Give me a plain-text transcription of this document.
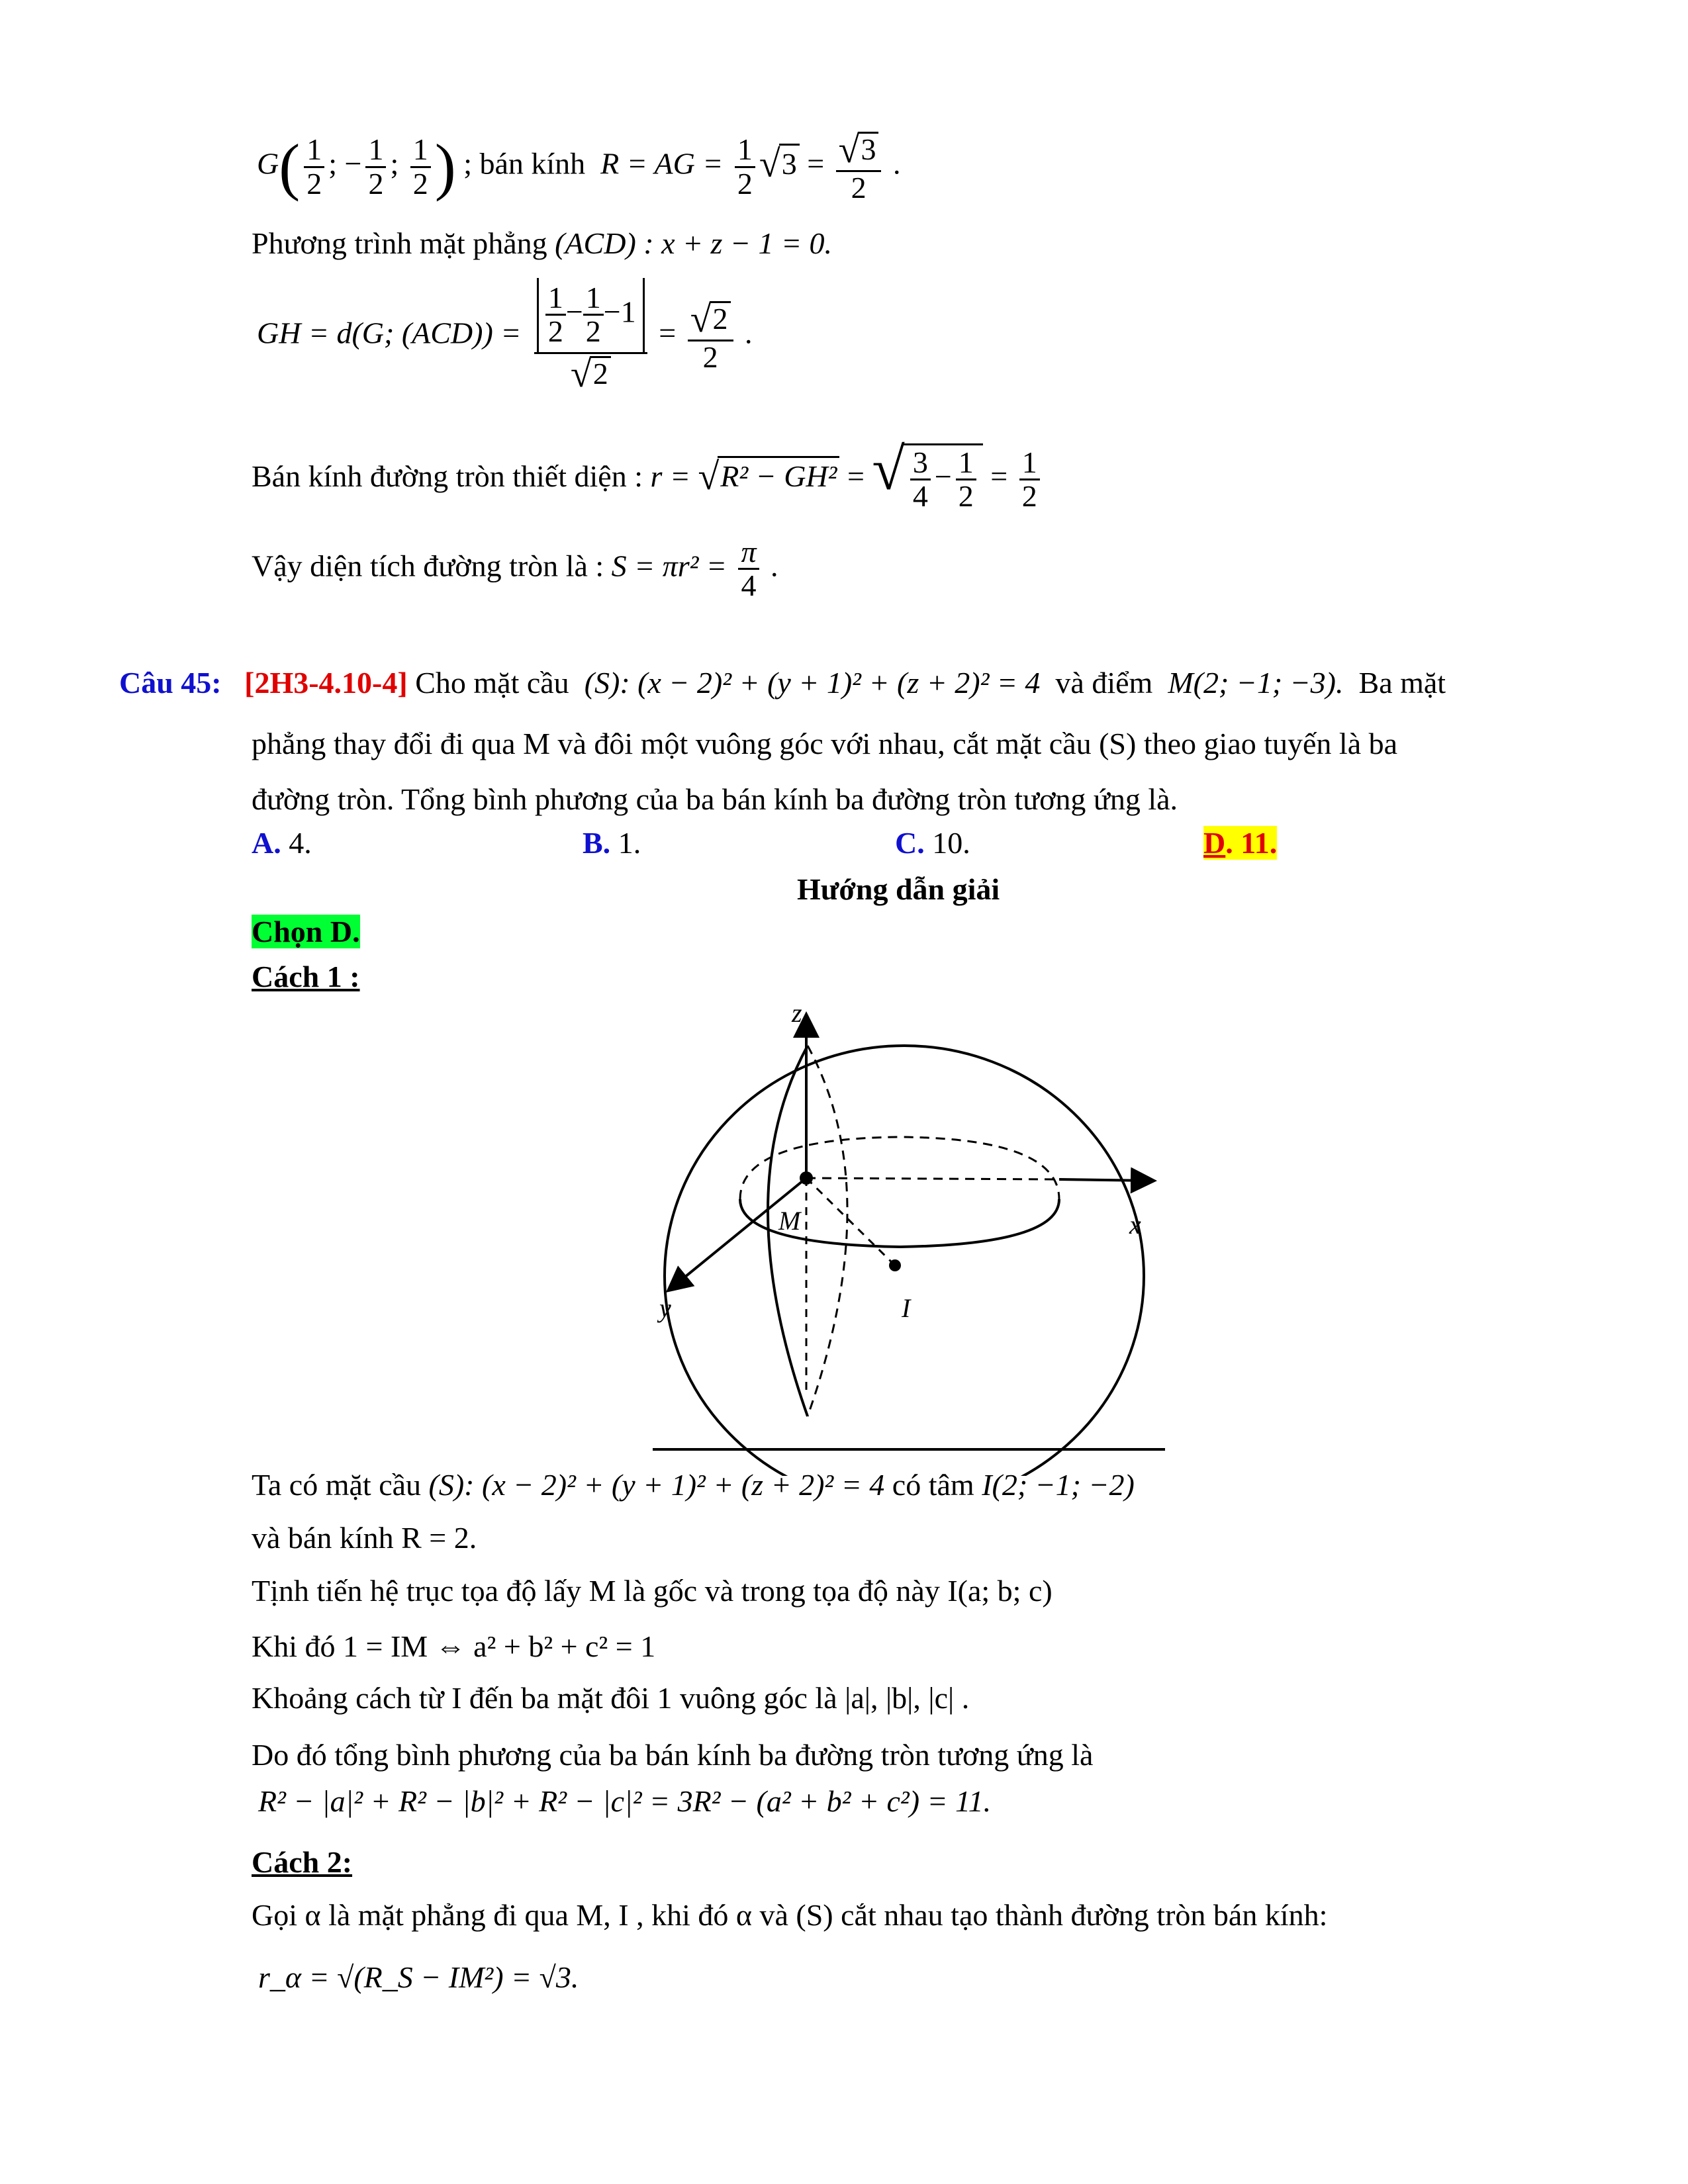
$G( \frac{1}{2}$ ; − $\frac{1}{2}$ ; $\frac{1}{2}$ ) ; bán kính R = AG = $\frac{1}{2} √3 = \frac{√3}{2}$ .
Phương trình mặt phẳng (ACD) : x + z − 1 = 0.
GH = d(G; $(ACD)) = \frac{\frac{1}{2} - \frac{1}{2} -1}{√2} = \frac{√2}{2}$ .
Bán kính đường tròn thiết diện : r = √R² − GH² = √ $\frac{3}{4} - \frac{1}{2} = \frac{1}{2}$
Vậy diện tích đường tròn là : $S = \pi r^2 = \frac{\pi}{4}$ .
Câu 45: [2H3-4.10-4] Cho mặt cầu (S): (x − 2)² + (y + 1)² + (z + 2)² = 4 và điểm M(2; −1; −3). Ba mặt
phẳng thay đổi đi qua M và đôi một vuông góc với nhau, cắt mặt cầu (S) theo giao tuyến là ba
đường tròn. Tổng bình phương của ba bán kính ba đường tròn tương ứng là.
A. 4.	B. 1.	C. 10.	D. 11.
Hướng dẫn giải
Chọn D.
Cách 1 :
z
x
y
M
I
Ta có mặt cầu (S): (x − 2)² + (y + 1)² + (z + 2)² = 4 có tâm I(2; −1; −2)
và bán kính R = 2.
Tịnh tiến hệ trục tọa độ lấy M là gốc và trong tọa độ này I(a; b; c)
Khi đó 1 = IM ⇔ a² + b² + c² = 1
Khoảng cách từ I đến ba mặt đôi 1 vuông góc là |a|, |b|, |c| .
Do đó tổng bình phương của ba bán kính ba đường tròn tương ứng là
R² − |a|² + R² − |b|² + R² − |c|² = 3R² − (a² + b² + c²) = 11.
Cách 2:
Gọi α là mặt phẳng đi qua M, I , khi đó α và (S) cắt nhau tạo thành đường tròn bán kính:
r_α = √(R_S − IM²) = √3.
